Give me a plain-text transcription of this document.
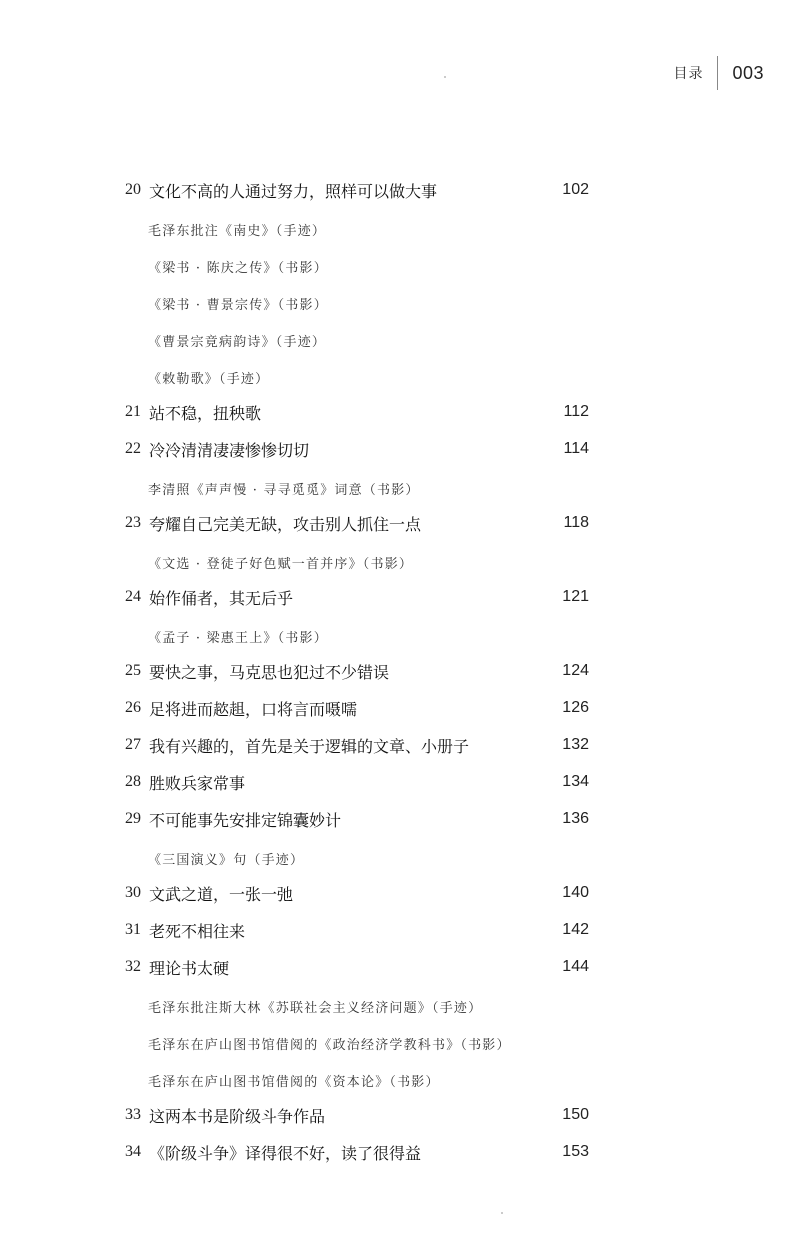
目录 003
20 文化不高的人通过努力，照样可以做大事	102
毛泽东批注《南史》（手迹）
《梁书 · 陈庆之传》（书影）
《梁书 · 曹景宗传》（书影）
《曹景宗竟病韵诗》（手迹）
《敕勒歌》（手迹）
21 站不稳，扭秧歌	112
22 冷冷清清凄凄惨惨切切	114
李清照《声声慢 · 寻寻觅觅》词意（书影）
23 夸耀自己完美无缺，攻击别人抓住一点	118
《文选 · 登徒子好色赋一首并序》（书影）
24 始作俑者，其无后乎	121
《孟子 · 梁惠王上》（书影）
25 要快之事，马克思也犯过不少错误	124
26 足将进而趑趄，口将言而嗫嚅	126
27 我有兴趣的，首先是关于逻辑的文章、小册子	132
28 胜败兵家常事	134
29 不可能事先安排定锦囊妙计	136
《三国演义》句（手迹）
30 文武之道，一张一弛	140
31 老死不相往来	142
32 理论书太硬	144
毛泽东批注斯大林《苏联社会主义经济问题》（手迹）
毛泽东在庐山图书馆借阅的《政治经济学教科书》（书影）
毛泽东在庐山图书馆借阅的《资本论》（书影）
33 这两本书是阶级斗争作品	150
34 《阶级斗争》译得很不好，读了很得益	153
